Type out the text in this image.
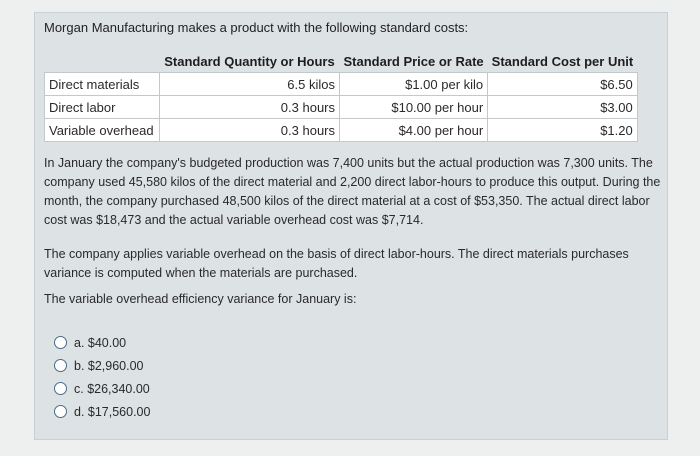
Morgan Manufacturing makes a product with the following standard costs:
	Standard Quantity or Hours	Standard Price or Rate	Standard Cost per Unit
Direct materials	6.5 kilos	$1.00 per kilo	$6.50
Direct labor	0.3 hours	$10.00 per hour	$3.00
Variable overhead	0.3 hours	$4.00 per hour	$1.20

In January the company's budgeted production was 7,400 units but the actual production was 7,300 units. The company used 45,580 kilos of the direct material and 2,200 direct labor-hours to produce this output. During the month, the company purchased 48,500 kilos of the direct material at a cost of $53,350. The actual direct labor cost was $18,473 and the actual variable overhead cost was $7,714.

The company applies variable overhead on the basis of direct labor-hours. The direct materials purchases variance is computed when the materials are purchased.

The variable overhead efficiency variance for January is:

a. $40.00
b. $2,960.00
c. $26,340.00
d. $17,560.00
